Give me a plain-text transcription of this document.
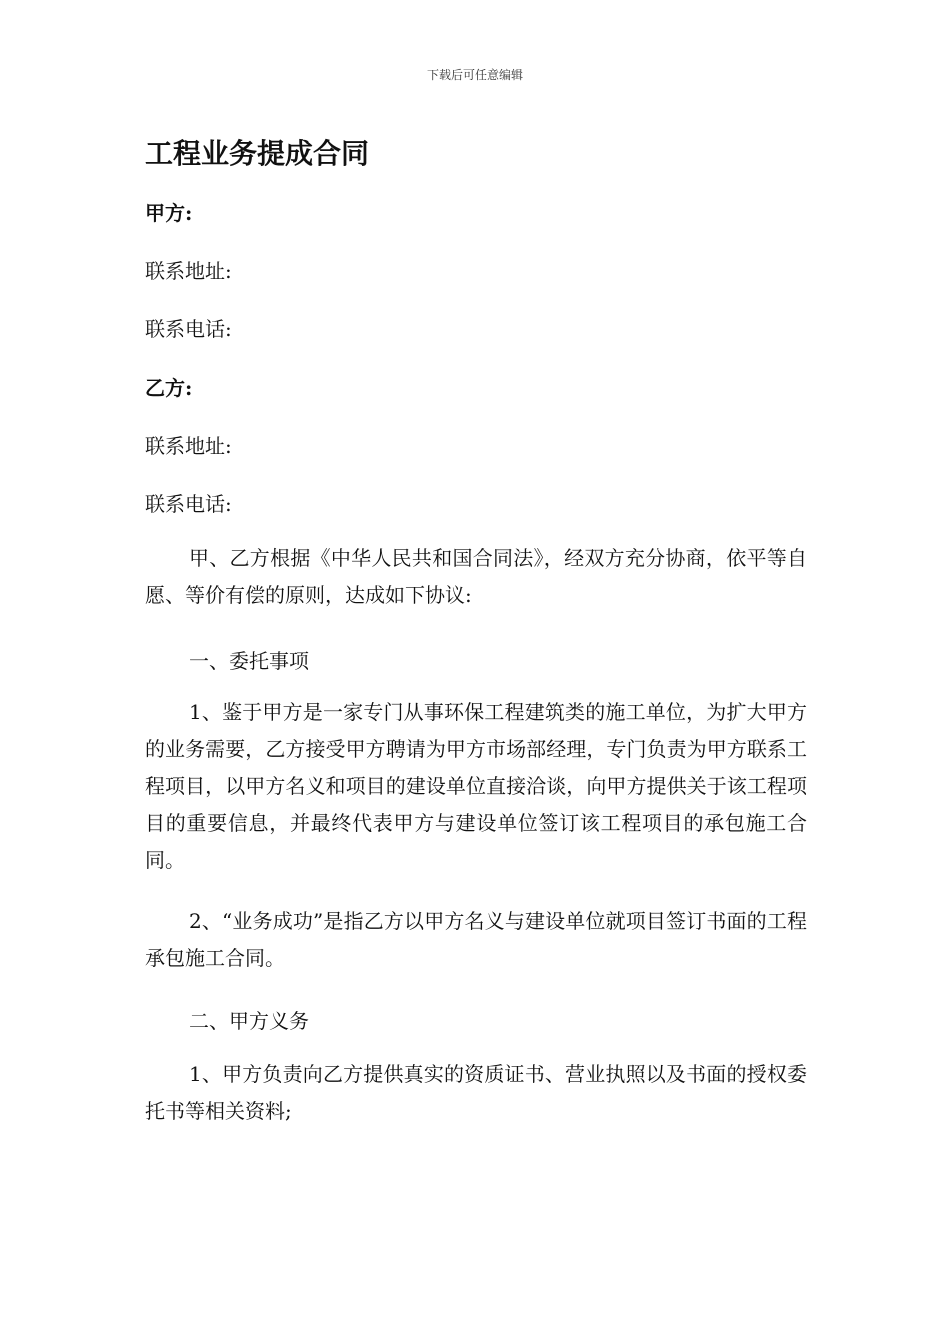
下载后可任意编辑
工程业务提成合同
甲方:
联系地址:
联系电话:
乙方:
联系地址:
联系电话:
甲、乙方根据《中华人民共和国合同法》，经双方充分协商，依平等自愿、等价有偿的原则，达成如下协议:
一、委托事项
1、鉴于甲方是一家专门从事环保工程建筑类的施工单位，为扩大甲方的业务需要，乙方接受甲方聘请为甲方市场部经理，专门负责为甲方联系工程项目，以甲方名义和项目的建设单位直接洽谈，向甲方提供关于该工程项目的重要信息，并最终代表甲方与建设单位签订该工程项目的承包施工合同。
2、“业务成功”是指乙方以甲方名义与建设单位就项目签订书面的工程承包施工合同。
二、甲方义务
1、甲方负责向乙方提供真实的资质证书、营业执照以及书面的授权委托书等相关资料;
